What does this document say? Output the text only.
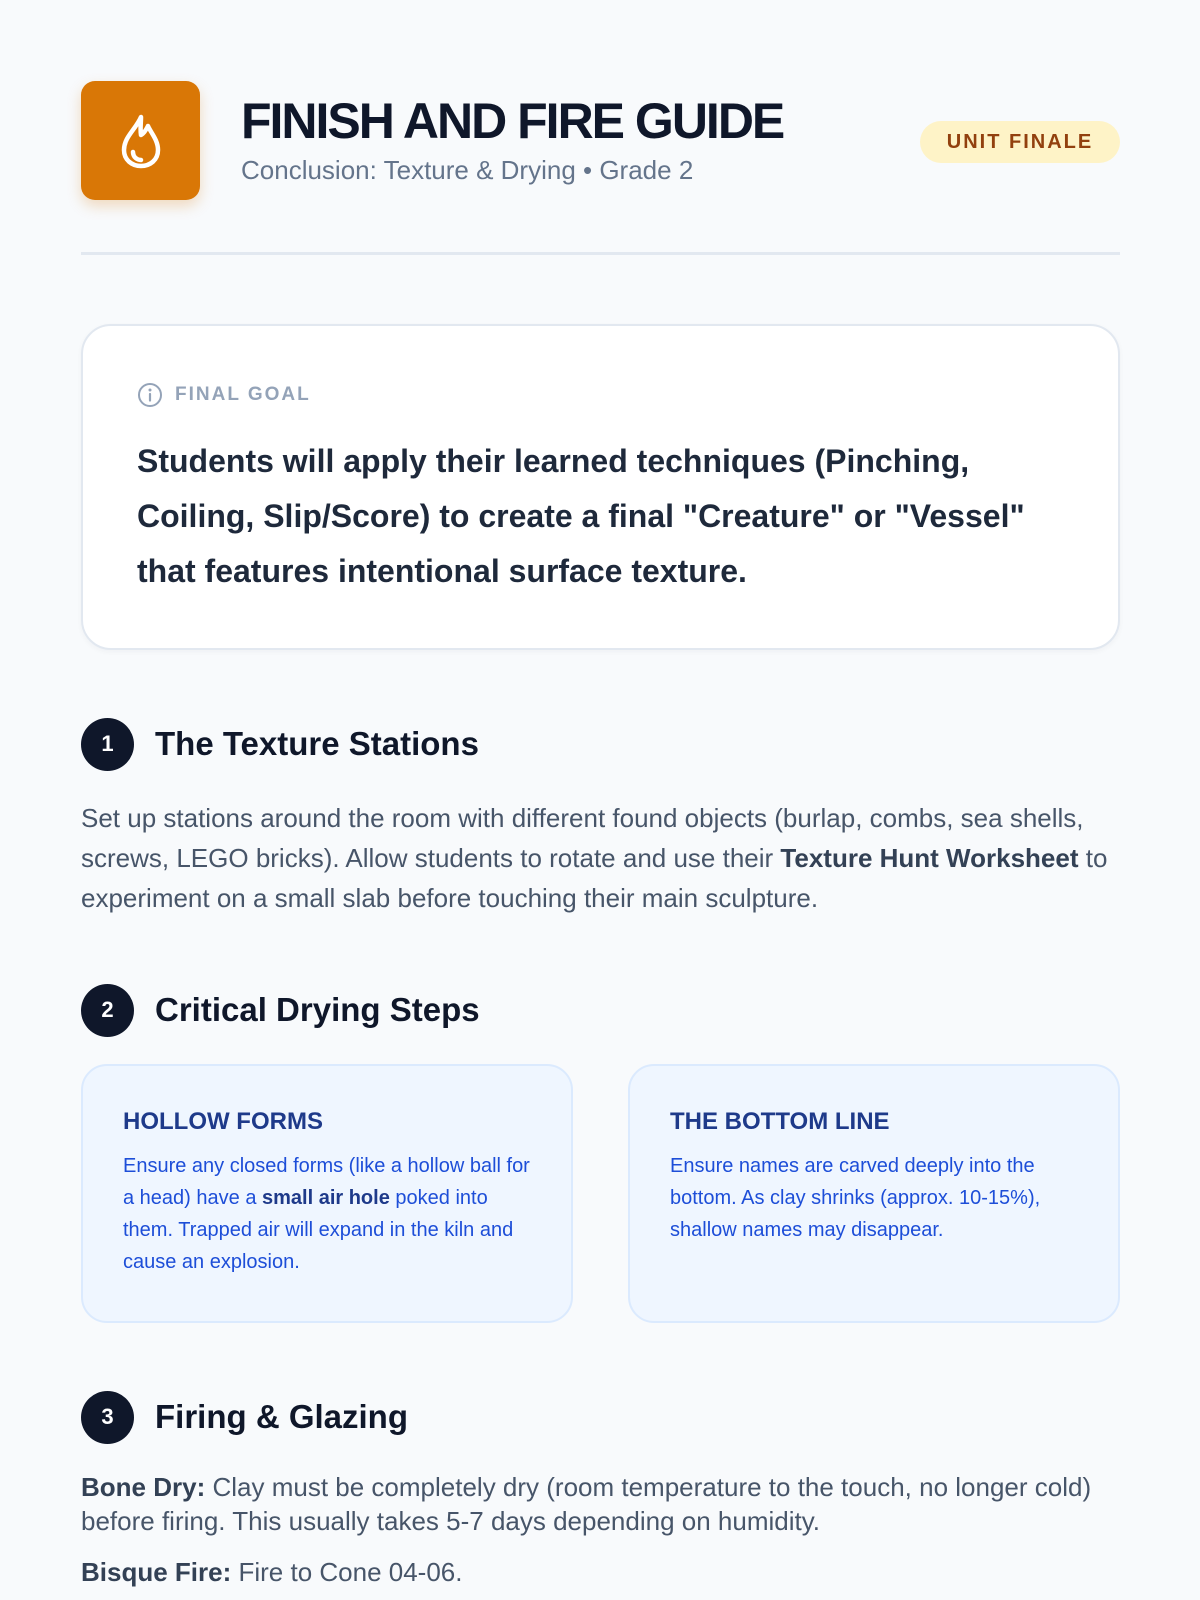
FINISH AND FIRE GUIDE
Conclusion: Texture & Drying • Grade 2
UNIT FINALE
FINAL GOAL
Students will apply their learned techniques (Pinching, Coiling, Slip/Score) to create a final "Creature" or "Vessel" that features intentional surface texture.
1	The Texture Stations

Set up stations around the room with different found objects (burlap, combs, sea shells, screws, LEGO bricks). Allow students to rotate and use their Texture Hunt Worksheet to experiment on a small slab before touching their main sculpture.

2	Critical Drying Steps
HOLLOW FORMS

Ensure any closed forms (like a hollow ball for a head) have a small air hole poked into them. Trapped air will expand in the kiln and cause an explosion.

THE BOTTOM LINE

Ensure names are carved deeply into the bottom. As clay shrinks (approx. 10-15%), shallow names may disappear.

3	Firing & Glazing

Bone Dry: Clay must be completely dry (room temperature to the touch, no longer cold) before firing. This usually takes 5-7 days depending on humidity.

Bisque Fire: Fire to Cone 04-06.
